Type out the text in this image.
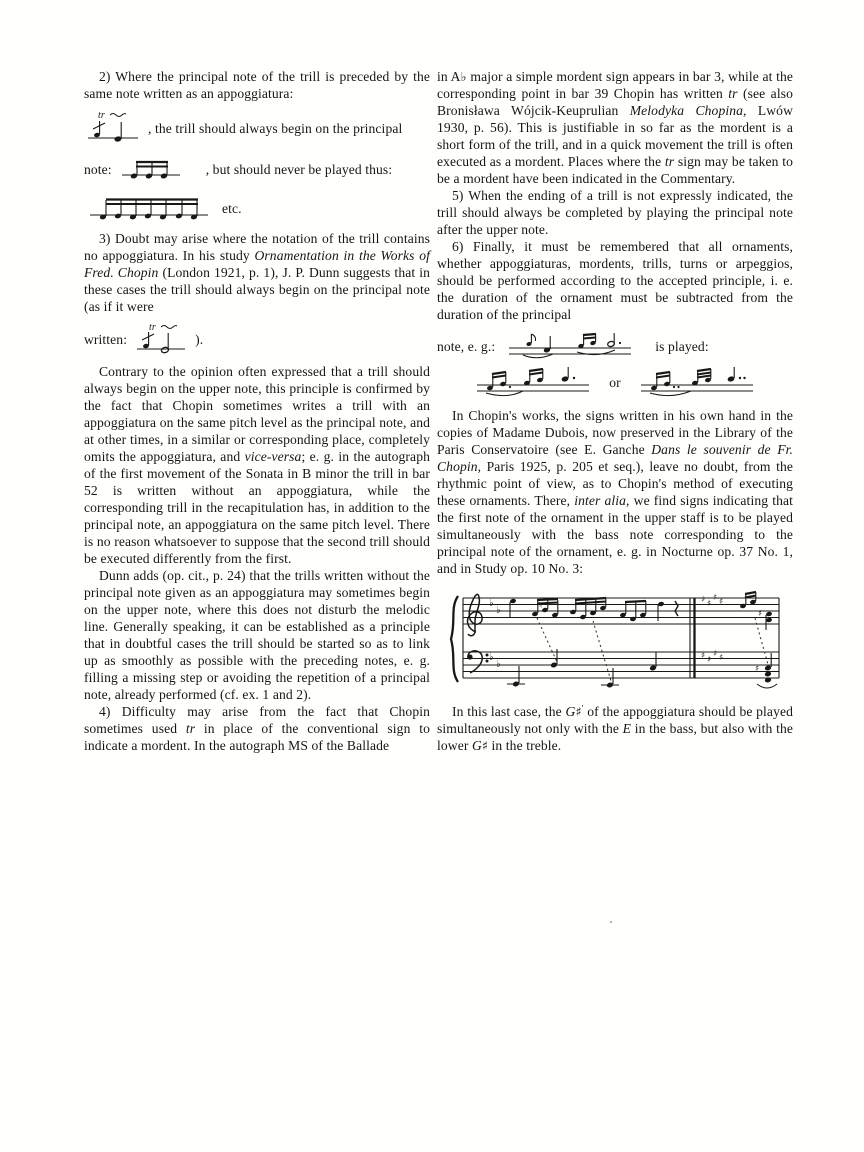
2) Where the principal note of the trill is preceded by the same note written as an appoggiatura:

tr
, the trill should always begin on the principal
note:	, but should never be played thus:
etc.

3) Doubt may arise where the notation of the trill contains no appoggiatura. In his study Ornamentation in the Works of Fred. Chopin (London 1921, p. 1), J. P. Dunn suggests that in these cases the trill should always begin on the principal note (as if it were

written:
tr
).

Contrary to the opinion often expressed that a trill should always begin on the upper note, this principle is confirmed by the fact that Chopin sometimes writes a trill with an appoggiatura on the same pitch level as the principal note, and at other times, in a similar or corresponding place, completely omits the appoggiatura, and vice-versa; e. g. in the autograph of the first movement of the Sonata in B minor the trill in bar 52 is written without an appoggiatura, while the corresponding trill in the recapitulation has, in addition to the principal note, an appoggiatura on the same pitch level. There is no reason whatsoever to suppose that the second trill should be executed differently from the first.

Dunn adds (op. cit., p. 24) that the trills written without the principal note given as an appoggiatura may sometimes begin on the upper note, where this does not disturb the melodic line. Generally speaking, it can be established as a principle that in doubtful cases the trill should be started so as to link up as smoothly as possible with the preceding notes, e. g. filling a missing step or avoiding the repetition of a principal note, already performed (cf. ex. 1 and 2).

4) Difficulty may arise from the fact that Chopin sometimes used tr in place of the conventional sign to indicate a mordent. In the autograph MS of the Ballade

in A♭ major a simple mordent sign appears in bar 3, while at the corresponding point in bar 39 Chopin has written tr (see also Bronisława Wójcik-Keuprulian Melodyka Chopina, Lwów 1930, p. 56). This is justifiable in so far as the mordent is a short form of the trill, and in a quick movement the trill is often executed as a mordent. Places where the tr sign may be taken to be a mordent have been indicated in the Commentary.

5) When the ending of a trill is not expressly indicated, the trill should always be completed by playing the principal note after the upper note.

6) Finally, it must be remembered that all ornaments, whether appoggiaturas, mordents, trills, turns or arpeggios, should be performed according to the accepted principle, i. e. the duration of the ornament must be subtracted from the duration of the principal

note, e. g.:	is played:
or

In Chopin's works, the signs written in his own hand in the copies of Madame Dubois, now preserved in the Library of the Paris Conservatoire (see E. Ganche Dans le souvenir de Fr. Chopin, Paris 1925, p. 205 et seq.), leave no doubt, from the rhythmic point of view, as to Chopin's method of executing these ornaments. There, inter alia, we find signs indicating that the first note of the ornament in the upper staff is to be played simultaneously with the bass note corresponding to the principal note of the ornament, e. g. in Nocturne op. 37 No. 1, and in Study op. 10 No. 3:

♭
♭
♭
♭
♮
♯ ♯
♯ ♯
♯ ♯
♯ ♯
♯
♯

In this last case, the G♯' of the appoggiatura should be played simultaneously not only with the E in the bass, but also with the lower G♯ in the treble.
